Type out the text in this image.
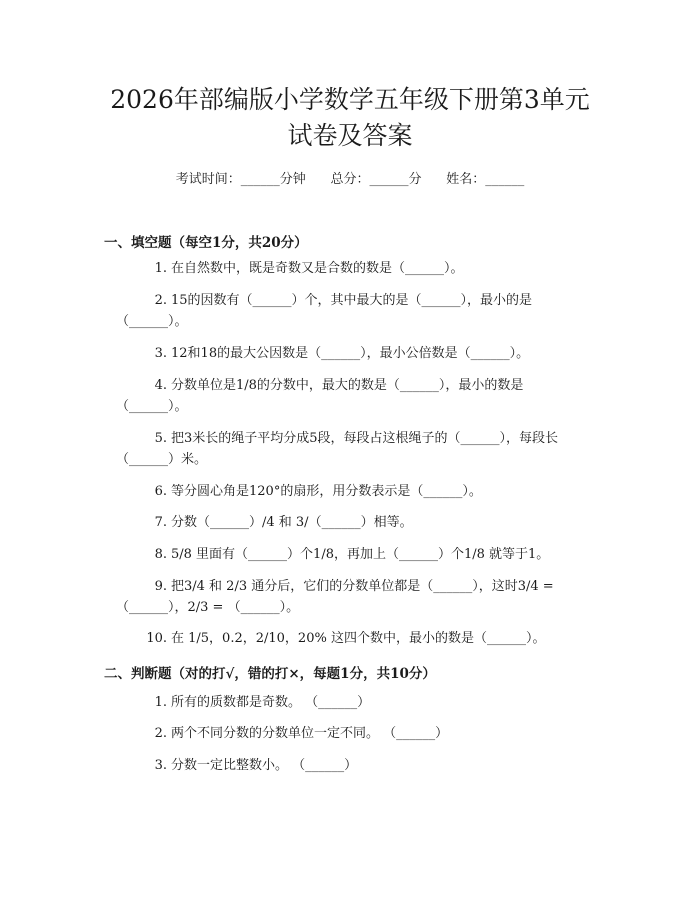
2026年部编版小学数学五年级下册第3单元
试卷及答案
考试时间：______分钟      总分：______分      姓名：______
一、填空题（每空1分，共20分）
1. 在自然数中，既是奇数又是合数的数是（______）。
2. 15的因数有（______）个，其中最大的是（______），最小的是
（______）。
3. 12和18的最大公因数是（______），最小公倍数是（______）。
4. 分数单位是1/8的分数中，最大的数是（______），最小的数是
（______）。
5. 把3米长的绳子平均分成5段，每段占这根绳子的（______），每段长
（______）米。
6. 等分圆心角是120°的扇形，用分数表示是（______）。
7. 分数（______）/4 和 3/（______）相等。
8. 5/8 里面有（______）个1/8，再加上（______）个1/8 就等于1。
9. 把3/4 和 2/3 通分后，它们的分数单位都是（______），这时3/4 =
（______），2/3 = （______）。
10. 在 1/5，0.2，2/10，20% 这四个数中，最小的数是（______）。
二、判断题（对的打√，错的打×，每题1分，共10分）
1. 所有的质数都是奇数。 （______）
2. 两个不同分数的分数单位一定不同。 （______）
3. 分数一定比整数小。 （______）
